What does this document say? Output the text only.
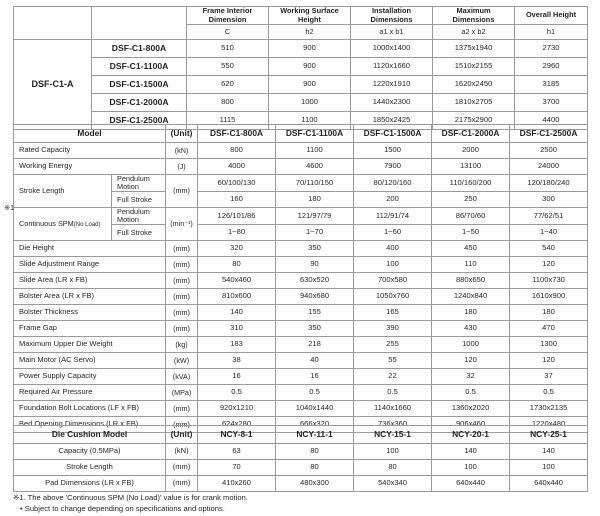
		Frame Interior Dimension	Working Surface Height	Installation Dimensions	Maximum Dimensions	Overall Height
		C	h2	a1 x b1	a2 x b2	h1
DSF-C1-A	DSF-C1-800A	510	900	1000x1400	1375x1940	2730
	DSF-C1-1100A	550	900	1120x1660	1510x2155	2960
	DSF-C1-1500A	620	900	1220x1910	1620x2450	3185
	DSF-C1-2000A	800	1000	1440x2300	1810x2705	3700
	DSF-C1-2500A	1115	1100	1850x2425	2175x2900	4400
Model		(Unit)	DSF-C1-800A	DSF-C1-1100A	DSF-C1-1500A	DSF-C1-2000A	DSF-C1-2500A
Rated Capacity		(kN)	800	1100	1500	2000	2500
Working Energy		(J)	4000	4600	7900	13100	24000
Stroke Length	Pendulum Motion	(mm)	60/100/130	70/110/150	80/120/160	110/160/200	120/180/240
	Full Stroke		160	180	200	250	300
Continuous SPM(No Load)	Pendulum Motion	(min⁻¹)	126/101/86	121/97/79	112/91/74	86/70/60	77/62/51
	Full Stroke		1~80	1~70	1~60	1~50	1~40
Die Height		(mm)	320	350	400	450	540
Slide Adjustment Range		(mm)	80	90	100	110	120
Slide Area (LR x FB)		(mm)	540x460	630x520	700x580	880x650	1100x730
Bolster Area (LR x FB)		(mm)	810x600	940x680	1050x760	1240x840	1610x900
Bolster Thickness		(mm)	140	155	165	180	180
Frame Gap		(mm)	310	350	390	430	470
Maximum Upper Die Weight		(kg)	183	218	255	1000	1300
Main Motor (AC Servo)		(kW)	38	40	55	120	120
Power Supply Capacity		(kVA)	16	16	22	32	37
Required Air Pressure		(MPa)	0.5	0.5	0.5	0.5	0.5
Foundation Bolt Locations (LF x FB)		(mm)	920x1210	1040x1440	1140x1660	1360x2020	1730x2135
Bed Opening Dimensions (LR x FB)		(mm)	624x280	666x320	736x360	906x460	1220x480
※1
Die Cushion Model	(Unit)	NCY-8-1	NCY-11-1	NCY-15-1	NCY-20-1	NCY-25-1
Capacity (0.5MPa)	(kN)	63	80	100	140	140
Stroke Length	(mm)	70	80	80	100	100
Pad Dimensions (LR x FB)	(mm)	410x260	480x300	540x340	640x440	640x440
※1. The above 'Continuous SPM (No Load)' value is for crank motion.
• Subject to change depending on specifications and options.
